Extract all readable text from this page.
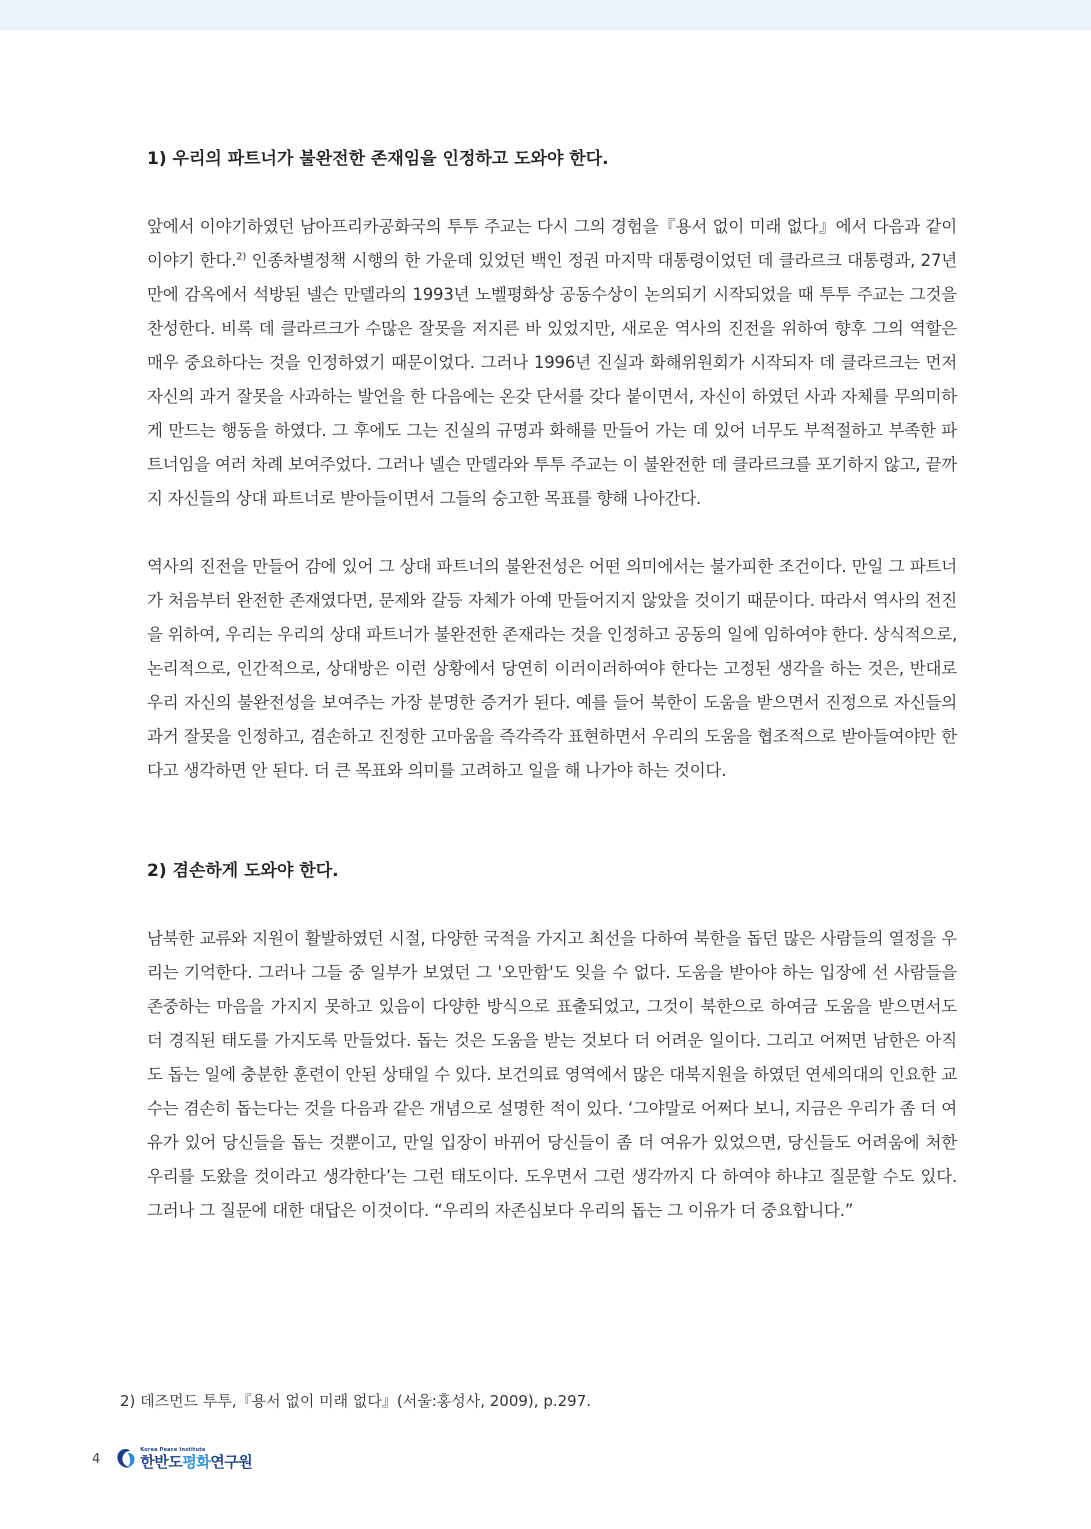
1) 우리의 파트너가 불완전한 존재임을 인정하고 도와야 한다.

앞에서 이야기하였던 남아프리카공화국의 투투 주교는 다시 그의 경험을『용서 없이 미래 없다』에서 다음과 같이 이야기 한다.$^{2)}$ 인종차별정책 시행의 한 가운데 있었던 백인 정권 마지막 대통령이었던 데 클라르크 대통령과, 27년 만에 감옥에서 석방된 넬슨 만델라의 1993년 노벨평화상 공동수상이 논의되기 시작되었을 때 투투 주교는 그것을 찬성한다. 비록 데 클라르크가 수많은 잘못을 저지른 바 있었지만, 새로운 역사의 진전을 위하여 향후 그의 역할은 매우 중요하다는 것을 인정하였기 때문이었다. 그러나 1996년 진실과 화해위원회가 시작되자 데 클라르크는 먼저 자신의 과거 잘못을 사과하는 발언을 한 다음에는 온갖 단서를 갖다 붙이면서, 자신이 하였던 사과 자체를 무의미하게 만드는 행동을 하였다. 그 후에도 그는 진실의 규명과 화해를 만들어 가는 데 있어 너무도 부적절하고 부족한 파트너임을 여러 차례 보여주었다. 그러나 넬슨 만델라와 투투 주교는 이 불완전한 데 클라르크를 포기하지 않고, 끝까지 자신들의 상대 파트너로 받아들이면서 그들의 숭고한 목표를 향해 나아간다.

역사의 진전을 만들어 감에 있어 그 상대 파트너의 불완전성은 어떤 의미에서는 불가피한 조건이다. 만일 그 파트너가 처음부터 완전한 존재였다면, 문제와 갈등 자체가 아예 만들어지지 않았을 것이기 때문이다. 따라서 역사의 전진을 위하여, 우리는 우리의 상대 파트너가 불완전한 존재라는 것을 인정하고 공동의 일에 임하여야 한다. 상식적으로, 논리적으로, 인간적으로, 상대방은 이런 상황에서 당연히 이러이러하여야 한다는 고정된 생각을 하는 것은, 반대로 우리 자신의 불완전성을 보여주는 가장 분명한 증거가 된다. 예를 들어 북한이 도움을 받으면서 진정으로 자신들의 과거 잘못을 인정하고, 겸손하고 진정한 고마움을 즉각즉각 표현하면서 우리의 도움을 협조적으로 받아들여야만 한다고 생각하면 안 된다. 더 큰 목표와 의미를 고려하고 일을 해 나가야 하는 것이다.

2) 겸손하게 도와야 한다.

남북한 교류와 지원이 활발하였던 시절, 다양한 국적을 가지고 최선을 다하여 북한을 돕던 많은 사람들의 열정을 우리는 기억한다. 그러나 그들 중 일부가 보였던 그 '오만함'도 잊을 수 없다. 도움을 받아야 하는 입장에 선 사람들을 존중하는 마음을 가지지 못하고 있음이 다양한 방식으로 표출되었고, 그것이 북한으로 하여금 도움을 받으면서도 더 경직된 태도를 가지도록 만들었다. 돕는 것은 도움을 받는 것보다 더 어려운 일이다. 그리고 어쩌면 남한은 아직도 돕는 일에 충분한 훈련이 안된 상태일 수 있다. 보건의료 영역에서 많은 대북지원을 하였던 연세의대의 인요한 교수는 겸손히 돕는다는 것을 다음과 같은 개념으로 설명한 적이 있다. ‘그야말로 어쩌다 보니, 지금은 우리가 좀 더 여유가 있어 당신들을 돕는 것뿐이고, 만일 입장이 바뀌어 당신들이 좀 더 여유가 있었으면, 당신들도 어려움에 처한 우리를 도왔을 것이라고 생각한다’는 그런 태도이다. 도우면서 그런 생각까지 다 하여야 하냐고 질문할 수도 있다. 그러나 그 질문에 대한 대답은 이것이다. “우리의 자존심보다 우리의 돕는 그 이유가 더 중요합니다.”

2) 데즈먼드 투투,『용서 없이 미래 없다』(서울:홍성사, 2009), p.297.
4
Korea Peace Institute
한반도평화연구원
